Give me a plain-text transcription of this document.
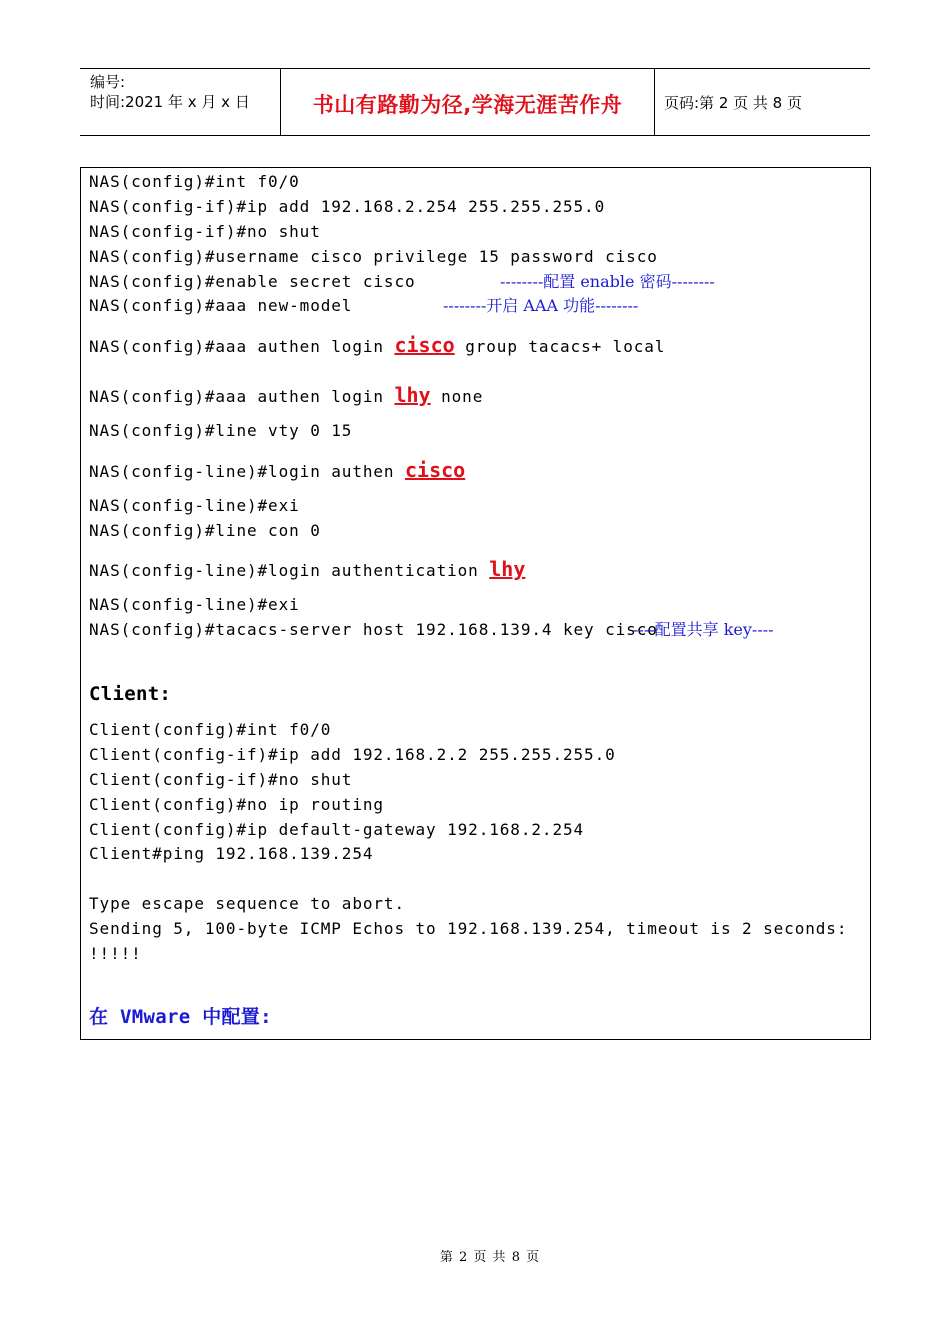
编号:
时间:2021 年 x 月 x 日	书山有路勤为径,学海无涯苦作舟	页码:第 2 页 共 8 页
NAS(config)#int f0/0
NAS(config-if)#ip add 192.168.2.254 255.255.255.0
NAS(config-if)#no shut
NAS(config)#username cisco privilege 15 password cisco
NAS(config)#enable secret cisco	--------配置 enable 密码--------
NAS(config)#aaa new-model	--------开启 AAA 功能--------
NAS(config)#aaa authen login cisco group tacacs+ local
NAS(config)#aaa authen login lhy none
NAS(config)#line vty 0 15
NAS(config-line)#login authen cisco
NAS(config-line)#exi
NAS(config)#line con 0
NAS(config-line)#login authentication lhy
NAS(config-line)#exi
NAS(config)#tacacs-server host 192.168.139.4 key cisco
----配置共享 key----
Client:
Client(config)#int f0/0
Client(config-if)#ip add 192.168.2.2 255.255.255.0
Client(config-if)#no shut
Client(config)#no ip routing
Client(config)#ip default-gateway 192.168.2.254
Client#ping 192.168.139.254
Type escape sequence to abort.
Sending 5, 100-byte ICMP Echos to 192.168.139.254, timeout is 2 seconds:
!!!!!
在 VMware 中配置:
第 2 页 共 8 页
